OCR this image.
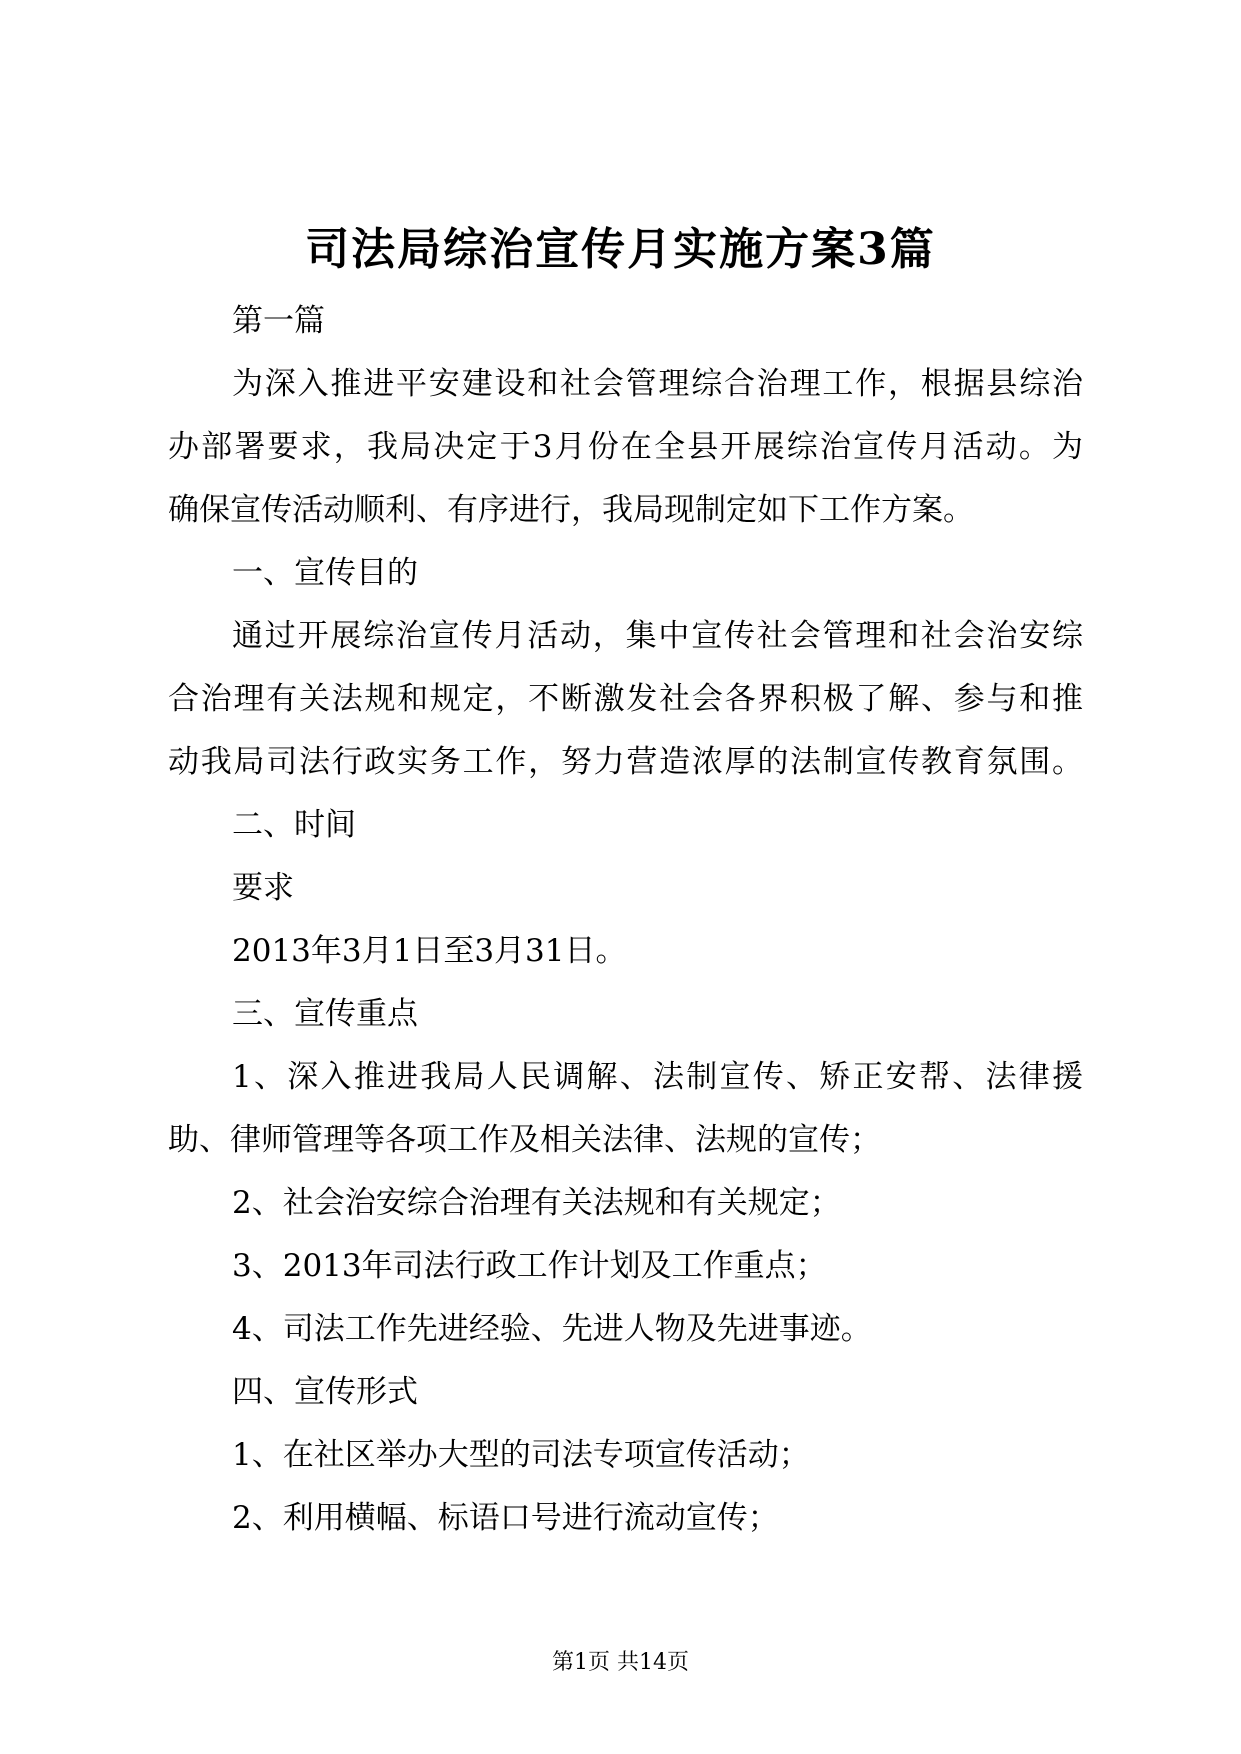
司法局综治宣传月实施方案3篇
第一篇
为深入推进平安建设和社会管理综合治理工作，根据县综治
办部署要求，我局决定于3月份在全县开展综治宣传月活动。为
确保宣传活动顺利、有序进行，我局现制定如下工作方案。
一、宣传目的
通过开展综治宣传月活动，集中宣传社会管理和社会治安综
合治理有关法规和规定，不断激发社会各界积极了解、参与和推
动我局司法行政实务工作，努力营造浓厚的法制宣传教育氛围。
二、时间
要求
2013年3月1日至3月31日。
三、宣传重点
1、深入推进我局人民调解、法制宣传、矫正安帮、法律援
助、律师管理等各项工作及相关法律、法规的宣传；
2、社会治安综合治理有关法规和有关规定；
3、2013年司法行政工作计划及工作重点；
4、司法工作先进经验、先进人物及先进事迹。
四、宣传形式
1、在社区举办大型的司法专项宣传活动；
2、利用横幅、标语口号进行流动宣传；
第1页 共14页
